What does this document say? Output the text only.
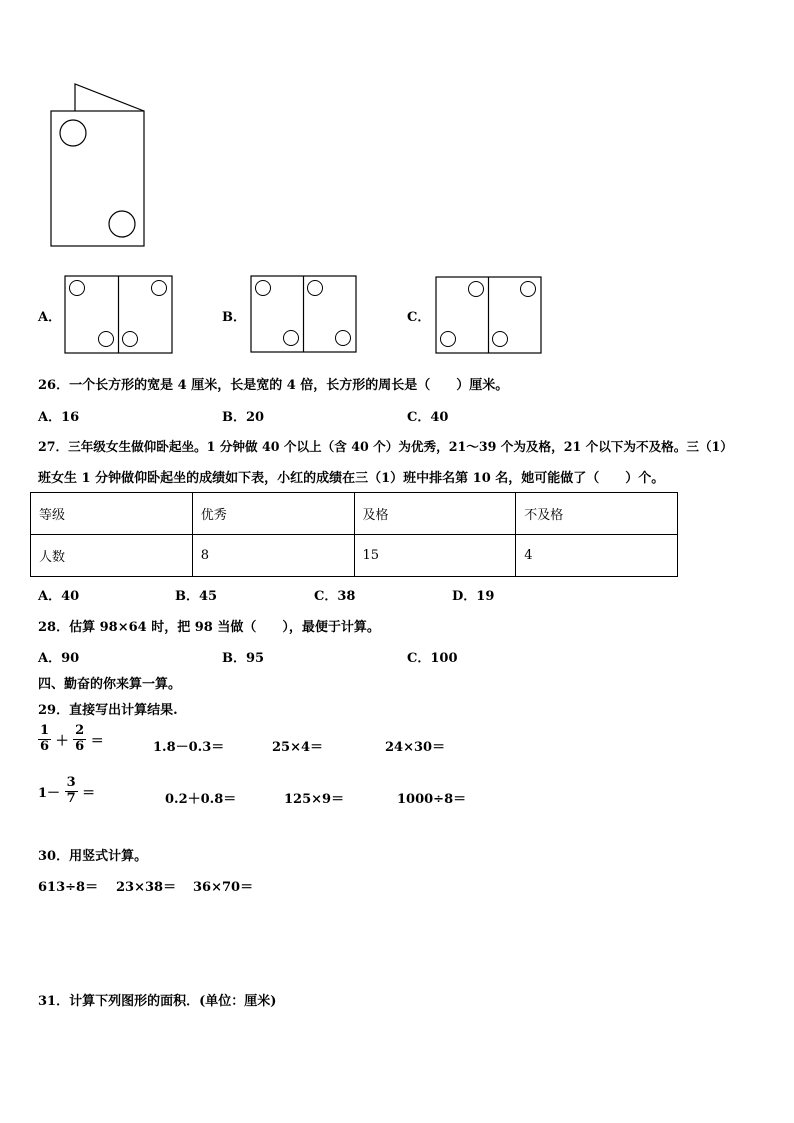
A．	B．	C．
26．一个长方形的宽是 4 厘米，长是宽的 4 倍，长方形的周长是（　　）厘米。
A．16	B．20	C．40
27．三年级女生做仰卧起坐。1 分钟做 40 个以上（含 40 个）为优秀，21～39 个为及格，21 个以下为不及格。三（1）
班女生 1 分钟做仰卧起坐的成绩如下表，小红的成绩在三（1）班中排名第 10 名，她可能做了（　　）个。
等级	优秀	及格	不及格
人数	8	15	4
A．40	B．45	C．38	D．19
28．估算 98×64 时，把 98 当做（　　），最便于计算。
A．90	B．95	C．100
四、勤奋的你来算一算。
29．直接写出计算结果.
$\frac{1}{6} + \frac{2}{6}$ ＝	1.8－0.3＝	25×4＝	24×30＝
$1- \frac{3}{7}$ ＝	0.2＋0.8＝	125×9＝	1000÷8＝
30．用竖式计算。
613÷8＝ 23×38＝ 36×70＝
31．计算下列图形的面积．(单位：厘米)
